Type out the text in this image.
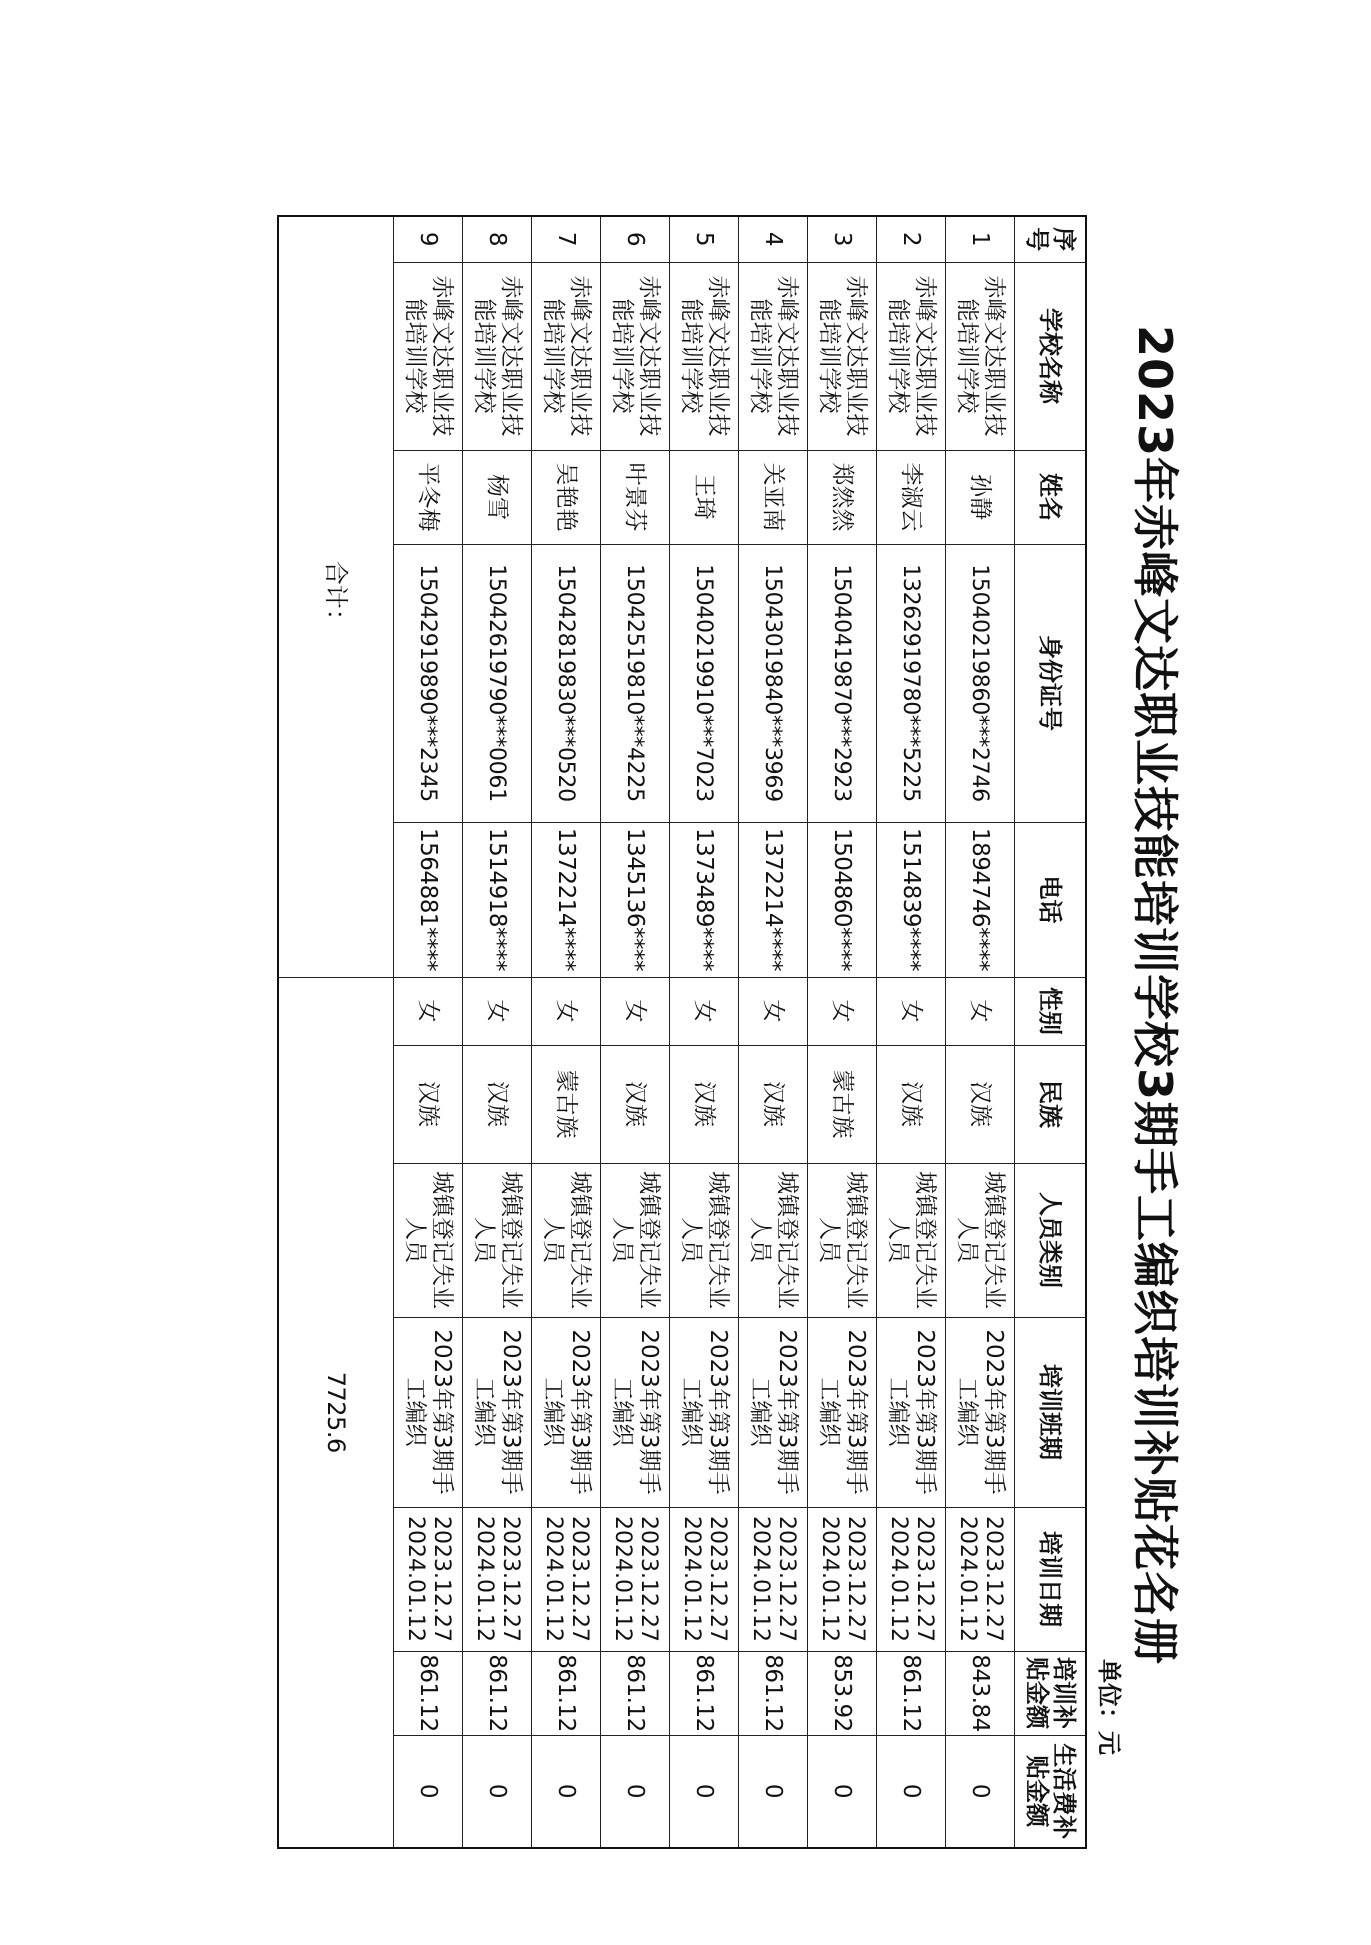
2023年赤峰文达职业技能培训学校3期手工编织培训补贴花名册
单位：元
序号	学校名称	姓名	身份证号	电话	性别	民族	人员类别	培训班期	培训日期	培训补贴金额	生活费补贴金额
1	赤峰文达职业技能培训学校	孙静	15040219860***2746	1894746****	女	汉族	城镇登记失业人员	2023年第3期手工编织	2023.12.27
2024.01.12	843.84	0
2	赤峰文达职业技能培训学校	李淑云	13262919780***5225	1514839****	女	汉族	城镇登记失业人员	2023年第3期手工编织	2023.12.27
2024.01.12	861.12	0
3	赤峰文达职业技能培训学校	郑然然	15040419870***2923	1504860****	女	蒙古族	城镇登记失业人员	2023年第3期手工编织	2023.12.27
2024.01.12	853.92	0
4	赤峰文达职业技能培训学校	关亚南	15043019840***3969	1372214****	女	汉族	城镇登记失业人员	2023年第3期手工编织	2023.12.27
2024.01.12	861.12	0
5	赤峰文达职业技能培训学校	王琦	15040219910***7023	1373489****	女	汉族	城镇登记失业人员	2023年第3期手工编织	2023.12.27
2024.01.12	861.12	0
6	赤峰文达职业技能培训学校	叶景芬	15042519810***4225	1345136****	女	汉族	城镇登记失业人员	2023年第3期手工编织	2023.12.27
2024.01.12	861.12	0
7	赤峰文达职业技能培训学校	吴艳艳	15042819830***0520	1372214****	女	蒙古族	城镇登记失业人员	2023年第3期手工编织	2023.12.27
2024.01.12	861.12	0
8	赤峰文达职业技能培训学校	杨雪	15042619790***0061	1514918****	女	汉族	城镇登记失业人员	2023年第3期手工编织	2023.12.27
2024.01.12	861.12	0
9	赤峰文达职业技能培训学校	平冬梅	15042919890***2345	1564881****	女	汉族	城镇登记失业人员	2023年第3期手工编织	2023.12.27
2024.01.12	861.12	0
合计：					7725.6						
